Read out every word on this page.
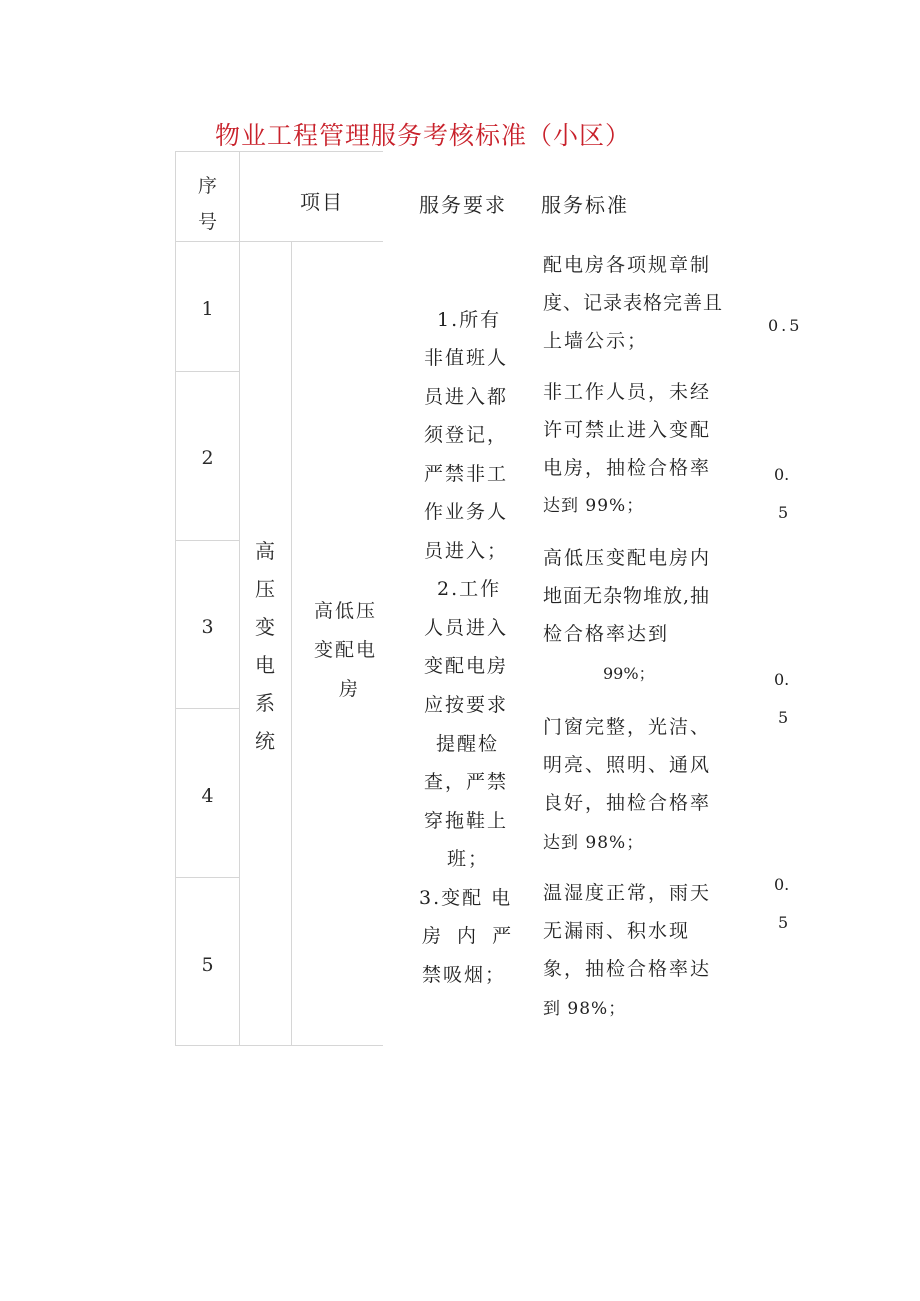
物业工程管理服务考核标准（小区）
序
号
项目	服务要求 服务标准
1
2
3
4
5
高
压
变
电
系
统
高低压
变配电
房
1.所有
非值班人
员进入都
须登记，
严禁非工
作业务人
员进入；
2.工作
人员进入
变配电房
应按要求
提醒检
查，严禁
穿拖鞋上
班；
3.变配 电
房 内 严
禁吸烟；
配电房各项规章制
度、记录表格完善且
上墙公示；
非工作人员，未经
许可禁止进入变配
电房，抽检合格率
达到 99%；
高低压变配电房内
地面无杂物堆放,抽
检合格率达到
99%；
门窗完整，光洁、
明亮、照明、通风
良好，抽检合格率
达到 98%；
温湿度正常，雨天
无漏雨、积水现
象，抽检合格率达
到 98%；
0.5
0.
5
0.
5
0.
5
